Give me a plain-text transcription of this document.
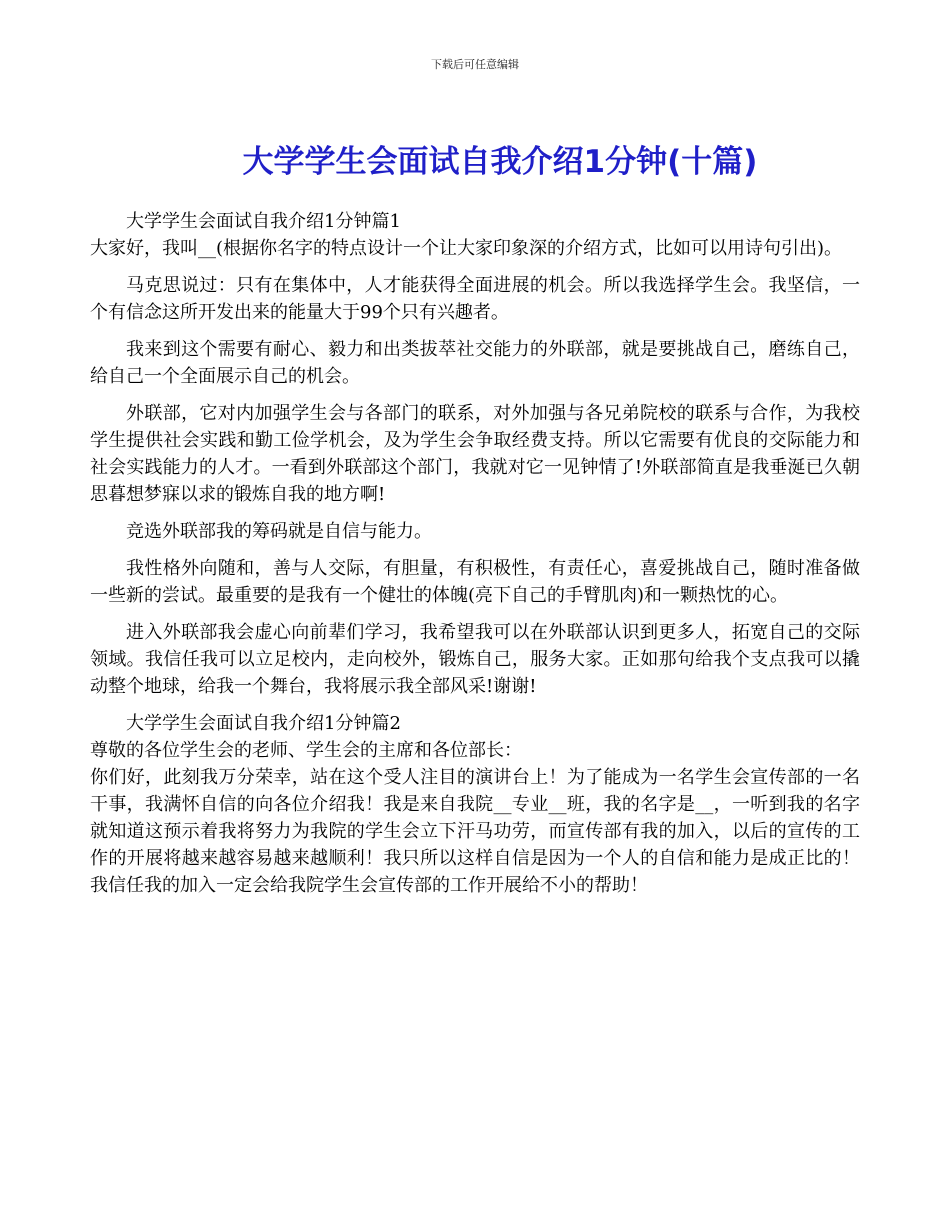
下载后可任意编辑
大学学生会面试自我介绍1分钟(十篇)

大学学生会面试自我介绍1分钟篇1

大家好，我叫__(根据你名字的特点设计一个让大家印象深的介绍方式，比如可以用诗句引出)。

马克思说过：只有在集体中，人才能获得全面进展的机会。所以我选择学生会。我坚信，一个有信念这所开发出来的能量大于99个只有兴趣者。

我来到这个需要有耐心、毅力和出类拔萃社交能力的外联部，就是要挑战自己，磨练自己，给自己一个全面展示自己的机会。

外联部，它对内加强学生会与各部门的联系，对外加强与各兄弟院校的联系与合作，为我校学生提供社会实践和勤工俭学机会，及为学生会争取经费支持。所以它需要有优良的交际能力和社会实践能力的人才。一看到外联部这个部门，我就对它一见钟情了!外联部简直是我垂涎已久朝思暮想梦寐以求的锻炼自我的地方啊!

竞选外联部我的筹码就是自信与能力。

我性格外向随和，善与人交际，有胆量，有积极性，有责任心，喜爱挑战自己，随时准备做一些新的尝试。最重要的是我有一个健壮的体魄(亮下自己的手臂肌肉)和一颗热忱的心。

进入外联部我会虚心向前辈们学习，我希望我可以在外联部认识到更多人，拓宽自己的交际领域。我信任我可以立足校内，走向校外，锻炼自己，服务大家。正如那句给我个支点我可以撬动整个地球，给我一个舞台，我将展示我全部风采!谢谢!

大学学生会面试自我介绍1分钟篇2

尊敬的各位学生会的老师、学生会的主席和各位部长：

你们好，此刻我万分荣幸，站在这个受人注目的演讲台上！为了能成为一名学生会宣传部的一名干事，我满怀自信的向各位介绍我！我是来自我院__专业__班，我的名字是__，一听到我的名字就知道这预示着我将努力为我院的学生会立下汗马功劳，而宣传部有我的加入，以后的宣传的工作的开展将越来越容易越来越顺利！我只所以这样自信是因为一个人的自信和能力是成正比的！我信任我的加入一定会给我院学生会宣传部的工作开展给不小的帮助！
